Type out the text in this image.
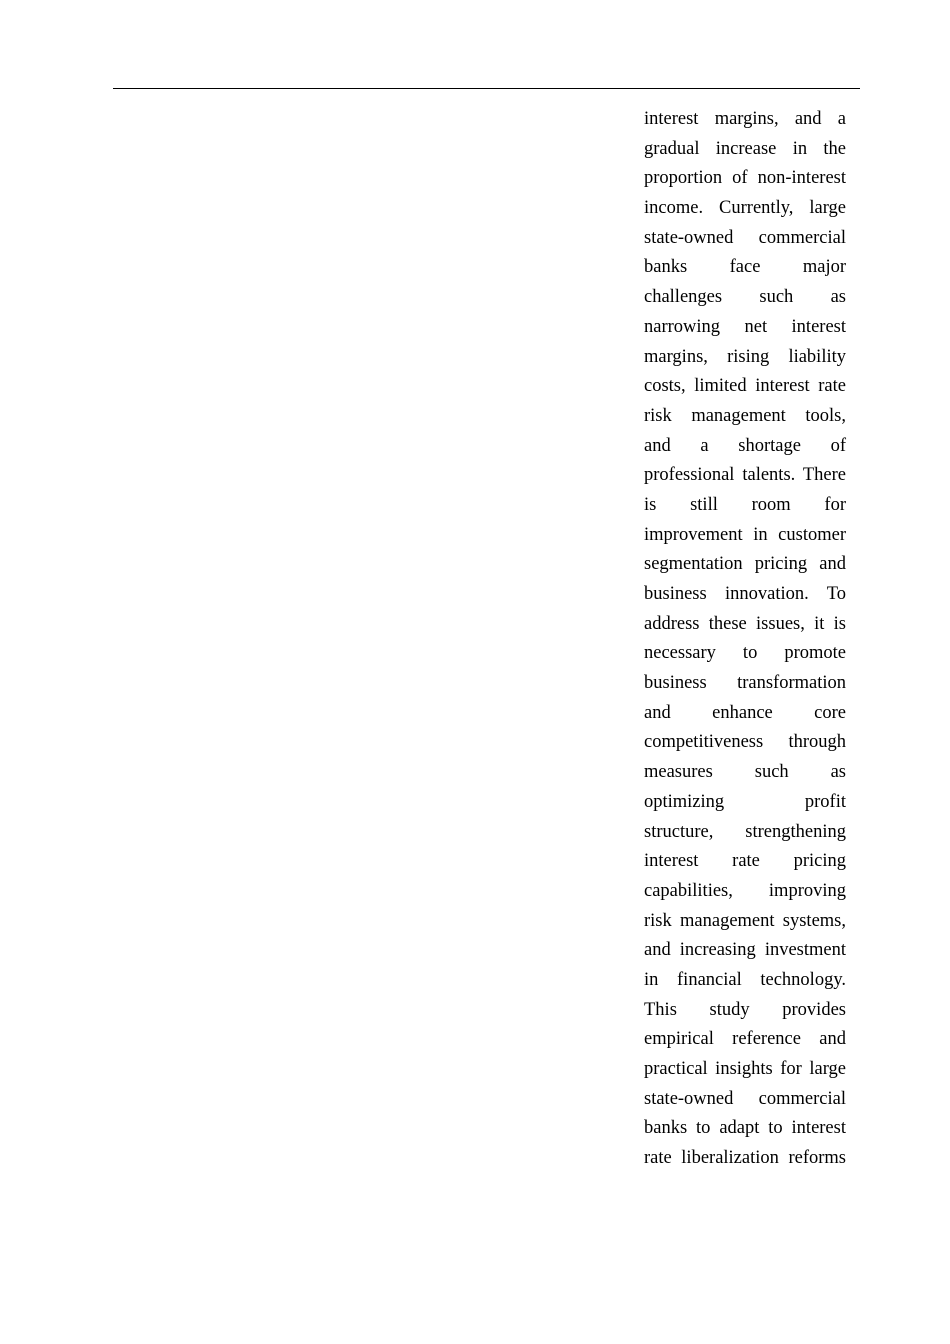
interest margins, and a
gradual increase in the
proportion of non-interest
income. Currently, large
state-owned commercial
banks face major
challenges such as
narrowing net interest
margins, rising liability
costs, limited interest rate
risk management tools,
and a shortage of
professional talents. There
is still room for
improvement in customer
segmentation pricing and
business innovation. To
address these issues, it is
necessary to promote
business transformation
and enhance core
competitiveness through
measures such as
optimizing profit
structure, strengthening
interest rate pricing
capabilities, improving
risk management systems,
and increasing investment
in financial technology.
This study provides
empirical reference and
practical insights for large
state-owned commercial
banks to adapt to interest
rate liberalization reforms
